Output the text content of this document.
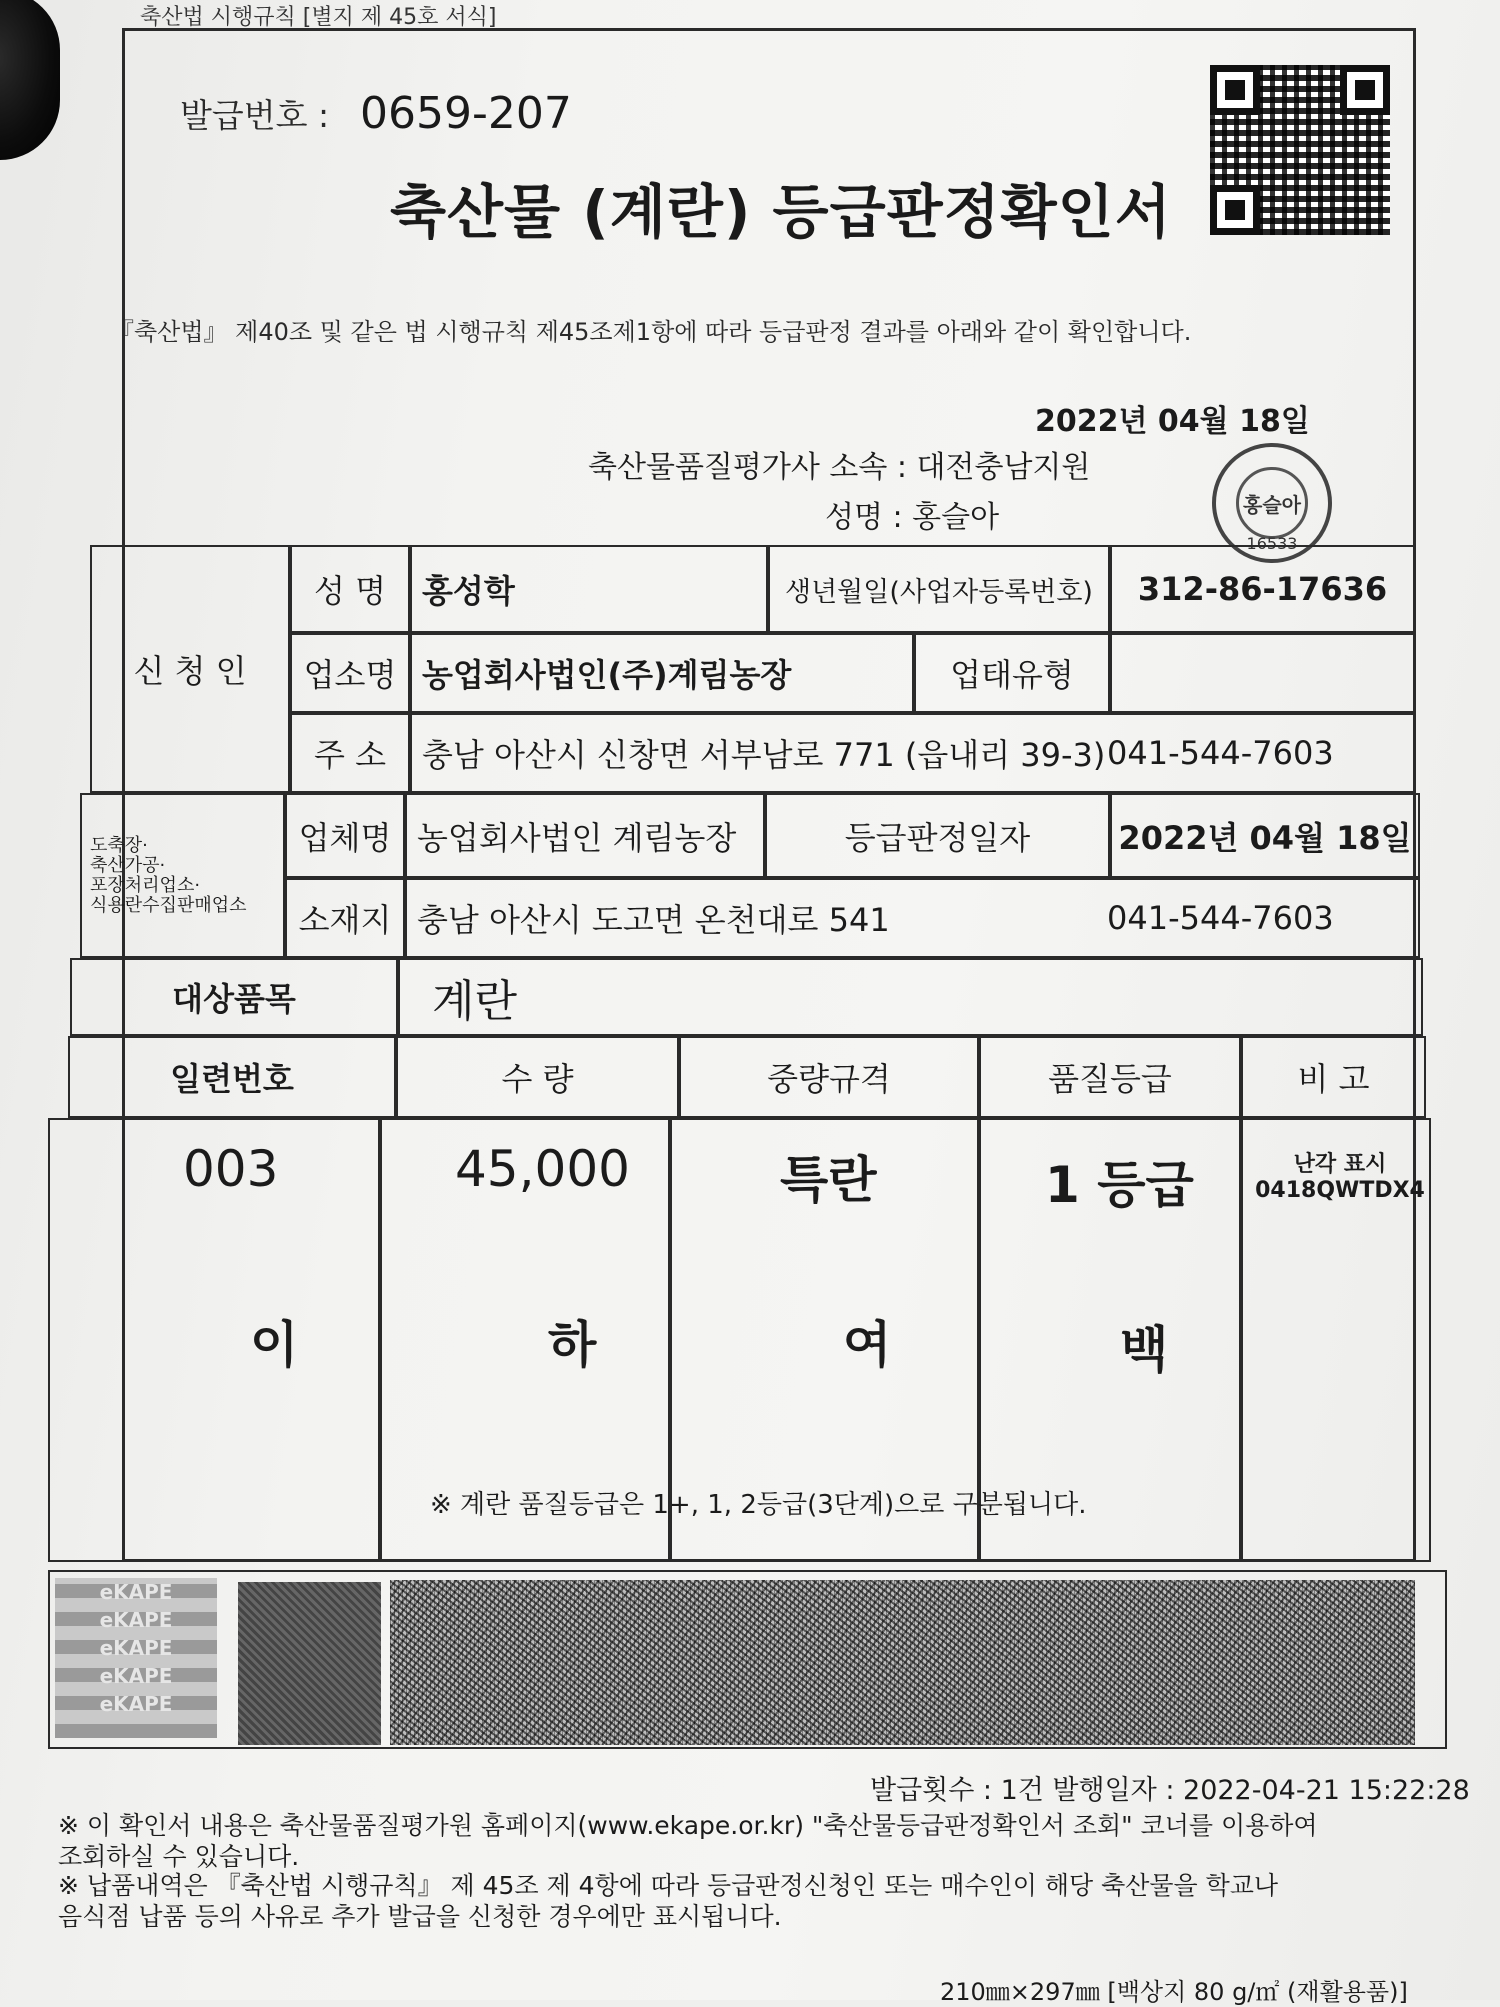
축산법 시행규칙 [별지 제 45호 서식]
발급번호 : 0659-207
축산물 (계란) 등급판정확인서
『축산법』 제40조 및 같은 법 시행규칙 제45조제1항에 따라 등급판정 결과를 아래와 같이 확인합니다.
2022년 04월 18일
축산물품질평가사 소속 : 대전충남지원
성명 : 홍슬아	홍슬아
16533
신 청 인
성 명	홍성학	생년월일(사업자등록번호)	312-86-17636
업소명 농업회사법인(주)계림농장	업태유형
주 소	충남 아산시 신창면 서부남로 771 (읍내리 39-3) 041-544-7603
도축장·
축산가공·
포장처리업소·
식용란수집판매업소
업체명 농업회사법인 계림농장	등급판정일자	2022년 04월 18일
소재지 충남 아산시 도고면 온천대로 541	041-544-7603
대상품목	계란
일련번호	수 량	중량규격	품질등급	비 고
003	45,000	특란	1 등급	난각 표시
0418QWTDX4
이	하	여	백
※ 계란 품질등급은 1+, 1, 2등급(3단계)으로 구분됩니다.
eKAPE
eKAPE
eKAPE
eKAPE
eKAPE
발급횟수 : 1건 발행일자 : 2022-04-21 15:22:28
※ 이 확인서 내용은 축산물품질평가원 홈페이지(www.ekape.or.kr) "축산물등급판정확인서 조회" 코너를 이용하여
조회하실 수 있습니다.
※ 납품내역은 『축산법 시행규칙』 제 45조 제 4항에 따라 등급판정신청인 또는 매수인이 해당 축산물을 학교나
음식점 납품 등의 사유로 추가 발급을 신청한 경우에만 표시됩니다.
210㎜×297㎜ [백상지 80 g/㎡ (재활용품)]
